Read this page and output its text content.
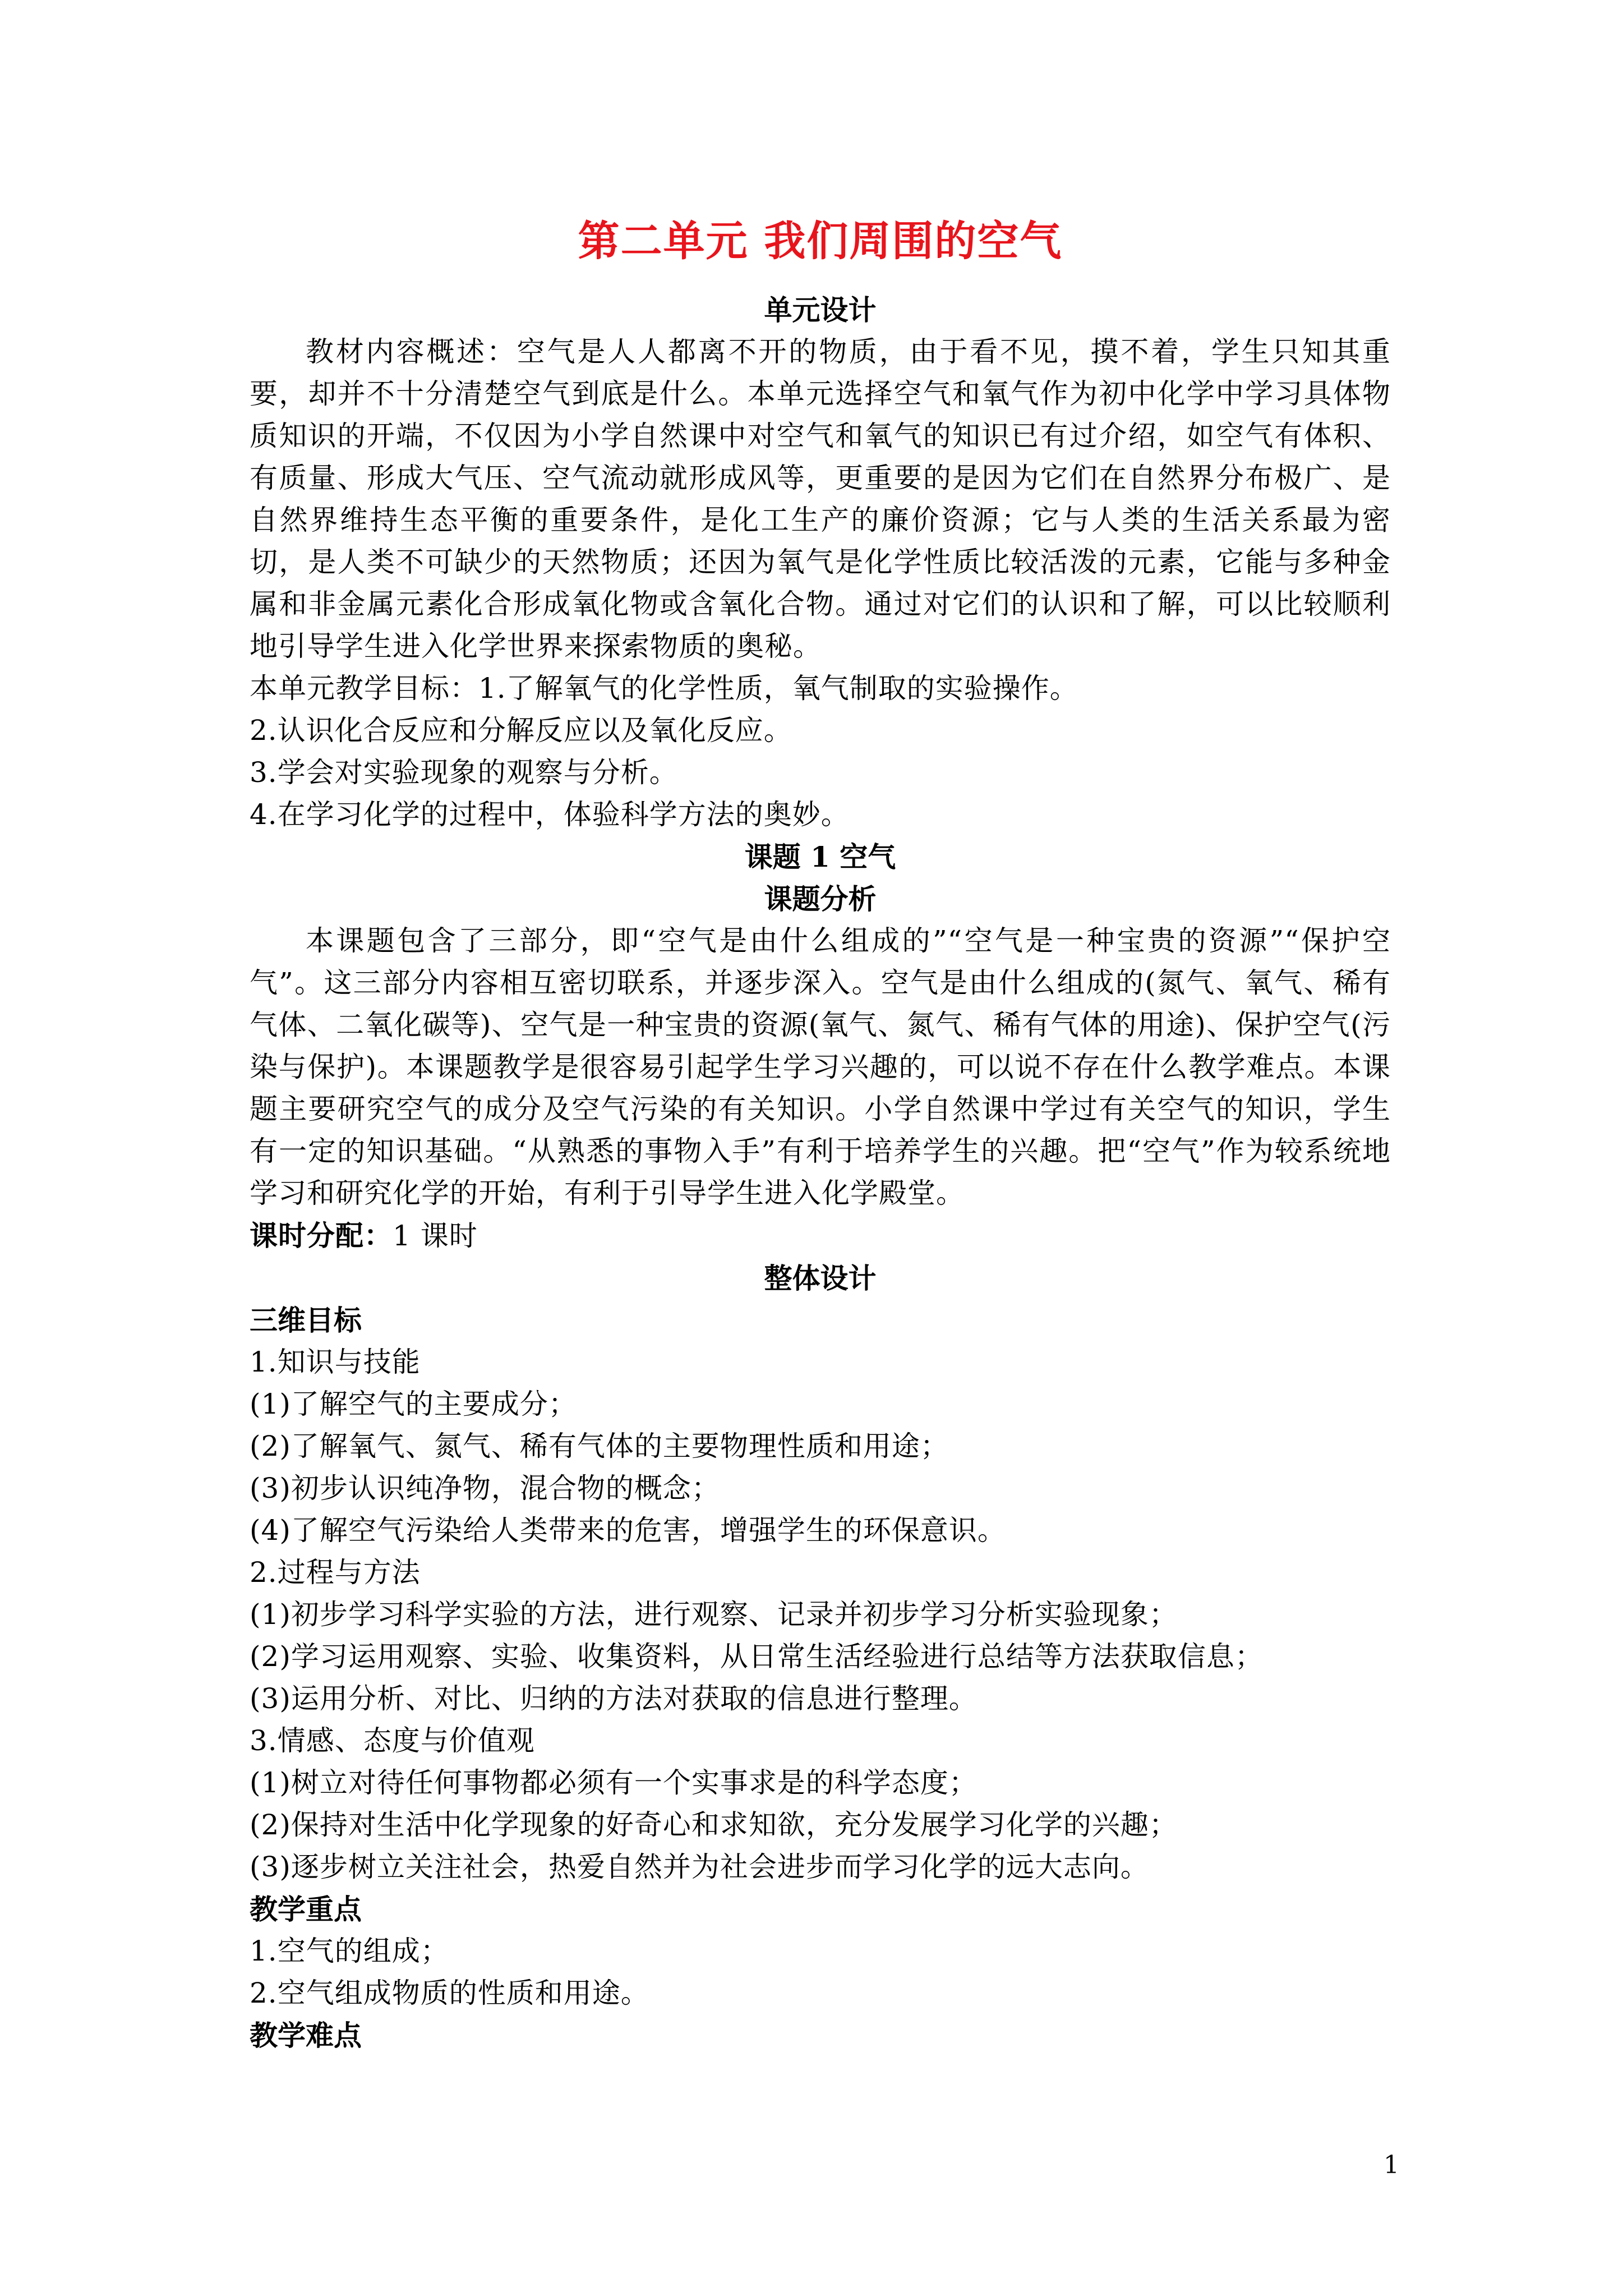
第二单元 我们周围的空气

单元设计

教材内容概述：空气是人人都离不开的物质，由于看不见，摸不着，学生只知其重要，却并不十分清楚空气到底是什么。本单元选择空气和氧气作为初中化学中学习具体物质知识的开端，不仅因为小学自然课中对空气和氧气的知识已有过介绍，如空气有体积、有质量、形成大气压、空气流动就形成风等，更重要的是因为它们在自然界分布极广、是自然界维持生态平衡的重要条件，是化工生产的廉价资源；它与人类的生活关系最为密切，是人类不可缺少的天然物质；还因为氧气是化学性质比较活泼的元素，它能与多种金属和非金属元素化合形成氧化物或含氧化合物。通过对它们的认识和了解，可以比较顺利地引导学生进入化学世界来探索物质的奥秘。

本单元教学目标：1.了解氧气的化学性质，氧气制取的实验操作。

2.认识化合反应和分解反应以及氧化反应。

3.学会对实验现象的观察与分析。

4.在学习化学的过程中，体验科学方法的奥妙。

课题 1 空气

课题分析

本课题包含了三部分，即“空气是由什么组成的”“空气是一种宝贵的资源”“保护空气”。这三部分内容相互密切联系，并逐步深入。空气是由什么组成的(氮气、氧气、稀有气体、二氧化碳等)、空气是一种宝贵的资源(氧气、氮气、稀有气体的用途)、保护空气(污染与保护)。本课题教学是很容易引起学生学习兴趣的，可以说不存在什么教学难点。本课题主要研究空气的成分及空气污染的有关知识。小学自然课中学过有关空气的知识，学生有一定的知识基础。“从熟悉的事物入手”有利于培养学生的兴趣。把“空气”作为较系统地学习和研究化学的开始，有利于引导学生进入化学殿堂。

课时分配：1 课时

整体设计

三维目标

1.知识与技能

(1)了解空气的主要成分；

(2)了解氧气、氮气、稀有气体的主要物理性质和用途；

(3)初步认识纯净物，混合物的概念；

(4)了解空气污染给人类带来的危害，增强学生的环保意识。

2.过程与方法

(1)初步学习科学实验的方法，进行观察、记录并初步学习分析实验现象；

(2)学习运用观察、实验、收集资料，从日常生活经验进行总结等方法获取信息；

(3)运用分析、对比、归纳的方法对获取的信息进行整理。

3.情感、态度与价值观

(1)树立对待任何事物都必须有一个实事求是的科学态度；

(2)保持对生活中化学现象的好奇心和求知欲，充分发展学习化学的兴趣；

(3)逐步树立关注社会，热爱自然并为社会进步而学习化学的远大志向。

教学重点

1.空气的组成；

2.空气组成物质的性质和用途。

教学难点

1
